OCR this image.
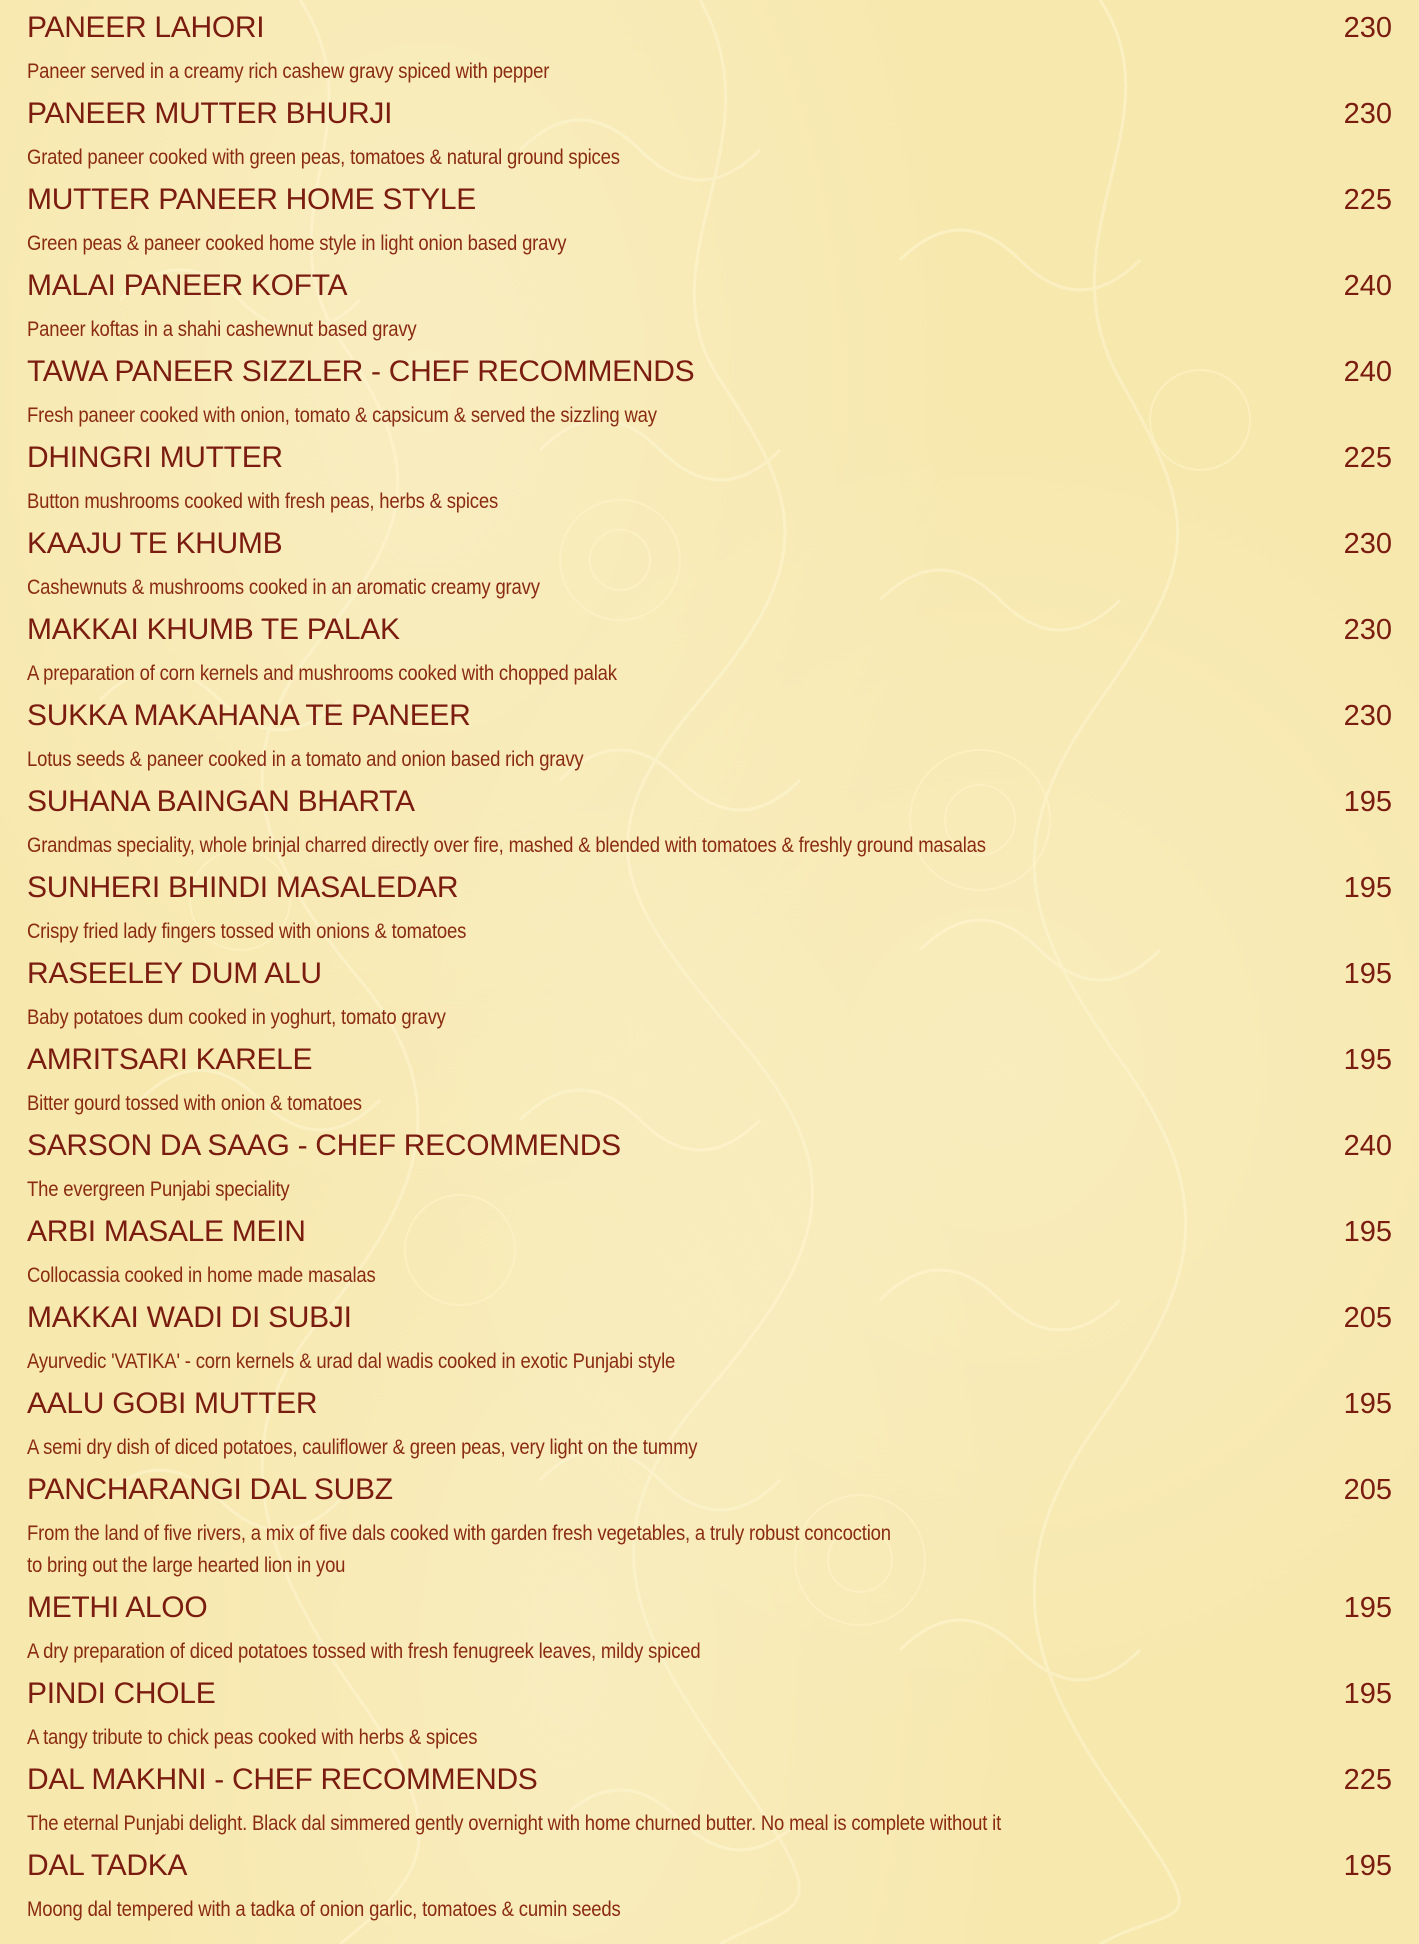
PANEER LAHORI	230
Paneer served in a creamy rich cashew gravy spiced with pepper
PANEER MUTTER BHURJI	230
Grated paneer cooked with green peas, tomatoes & natural ground spices
MUTTER PANEER HOME STYLE	225
Green peas & paneer cooked home style in light onion based gravy
MALAI PANEER KOFTA	240
Paneer koftas in a shahi cashewnut based gravy
TAWA PANEER SIZZLER - CHEF RECOMMENDS	240
Fresh paneer cooked with onion, tomato & capsicum & served the sizzling way
DHINGRI MUTTER	225
Button mushrooms cooked with fresh peas, herbs & spices
KAAJU TE KHUMB	230
Cashewnuts & mushrooms cooked in an aromatic creamy gravy
MAKKAI KHUMB TE PALAK	230
A preparation of corn kernels and mushrooms cooked with chopped palak
SUKKA MAKAHANA TE PANEER	230
Lotus seeds & paneer cooked in a tomato and onion based rich gravy
SUHANA BAINGAN BHARTA	195
Grandmas speciality, whole brinjal charred directly over fire, mashed & blended with tomatoes & freshly ground masalas
SUNHERI BHINDI MASALEDAR	195
Crispy fried lady fingers tossed with onions & tomatoes
RASEELEY DUM ALU	195
Baby potatoes dum cooked in yoghurt, tomato gravy
AMRITSARI KARELE	195
Bitter gourd tossed with onion & tomatoes
SARSON DA SAAG - CHEF RECOMMENDS	240
The evergreen Punjabi speciality
ARBI MASALE MEIN	195
Collocassia cooked in home made masalas
MAKKAI WADI DI SUBJI	205
Ayurvedic 'VATIKA' - corn kernels & urad dal wadis cooked in exotic Punjabi style
AALU GOBI MUTTER	195
A semi dry dish of diced potatoes, cauliflower & green peas, very light on the tummy
PANCHARANGI DAL SUBZ	205
From the land of five rivers, a mix of five dals cooked with garden fresh vegetables, a truly robust concoction
to bring out the large hearted lion in you
METHI ALOO	195
A dry preparation of diced potatoes tossed with fresh fenugreek leaves, mildy spiced
PINDI CHOLE	195
A tangy tribute to chick peas cooked with herbs & spices
DAL MAKHNI - CHEF RECOMMENDS	225
The eternal Punjabi delight. Black dal simmered gently overnight with home churned butter. No meal is complete without it
DAL TADKA	195
Moong dal tempered with a tadka of onion garlic, tomatoes & cumin seeds
